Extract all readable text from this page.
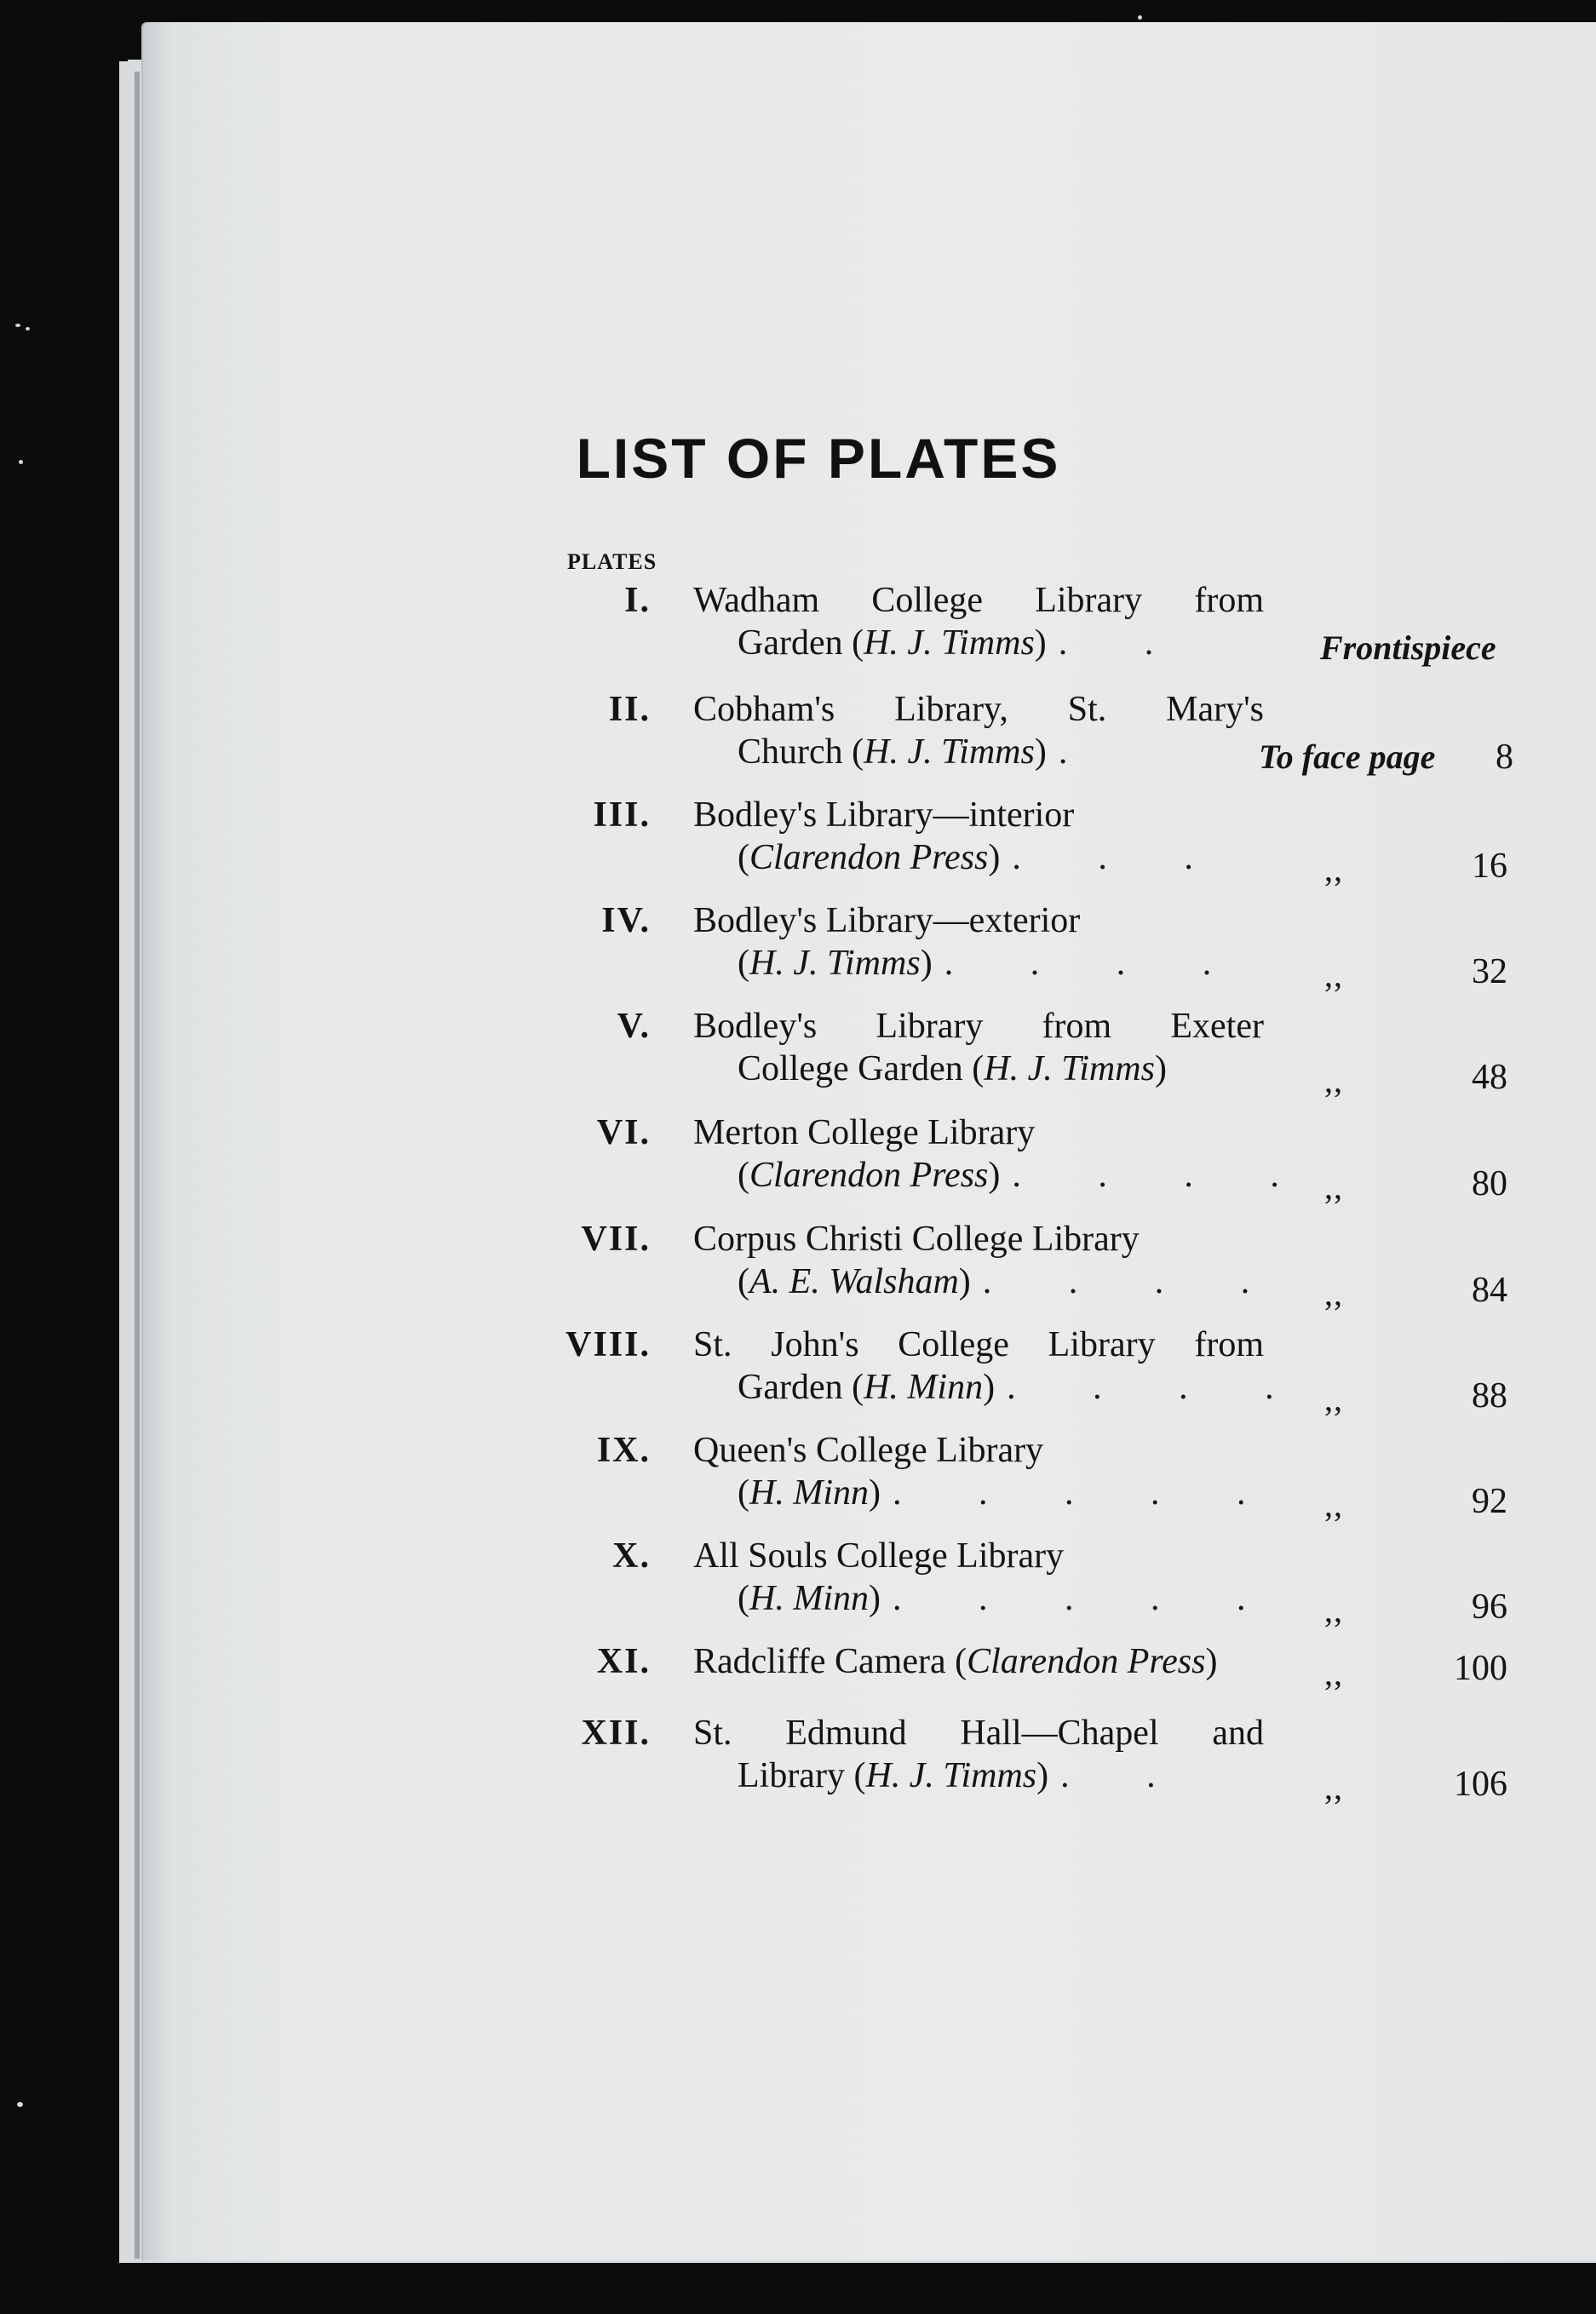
LIST OF PLATES
PLATES
I. Wadham College Library from
Garden (H. J. Timms) . .	Frontispiece
II. Cobham's Library, St. Mary's
Church (H. J. Timms) .	To face page 8
III. Bodley's Library—interior
(Clarendon Press) . . .	,,	16
IV. Bodley's Library—exterior
(H. J. Timms) . . . .	,,	32
V. Bodley's Library from Exeter
College Garden (H. J. Timms)	,,	48
VI. Merton College Library
(Clarendon Press) . . . . ,,	80
VII. Corpus Christi College Library
(A. E. Walsham) . . . . ,,	84
VIII. St. John's College Library from
Garden (H. Minn) . . . . ,,	88
IX. Queen's College Library
(H. Minn) . . . . . ,,	92
X. All Souls College Library
(H. Minn) . . . . . ,,	96
XI. Radcliffe Camera (Clarendon Press)	,,	100
XII. St. Edmund Hall—Chapel and
Library (H. J. Timms) . .	,,	106
